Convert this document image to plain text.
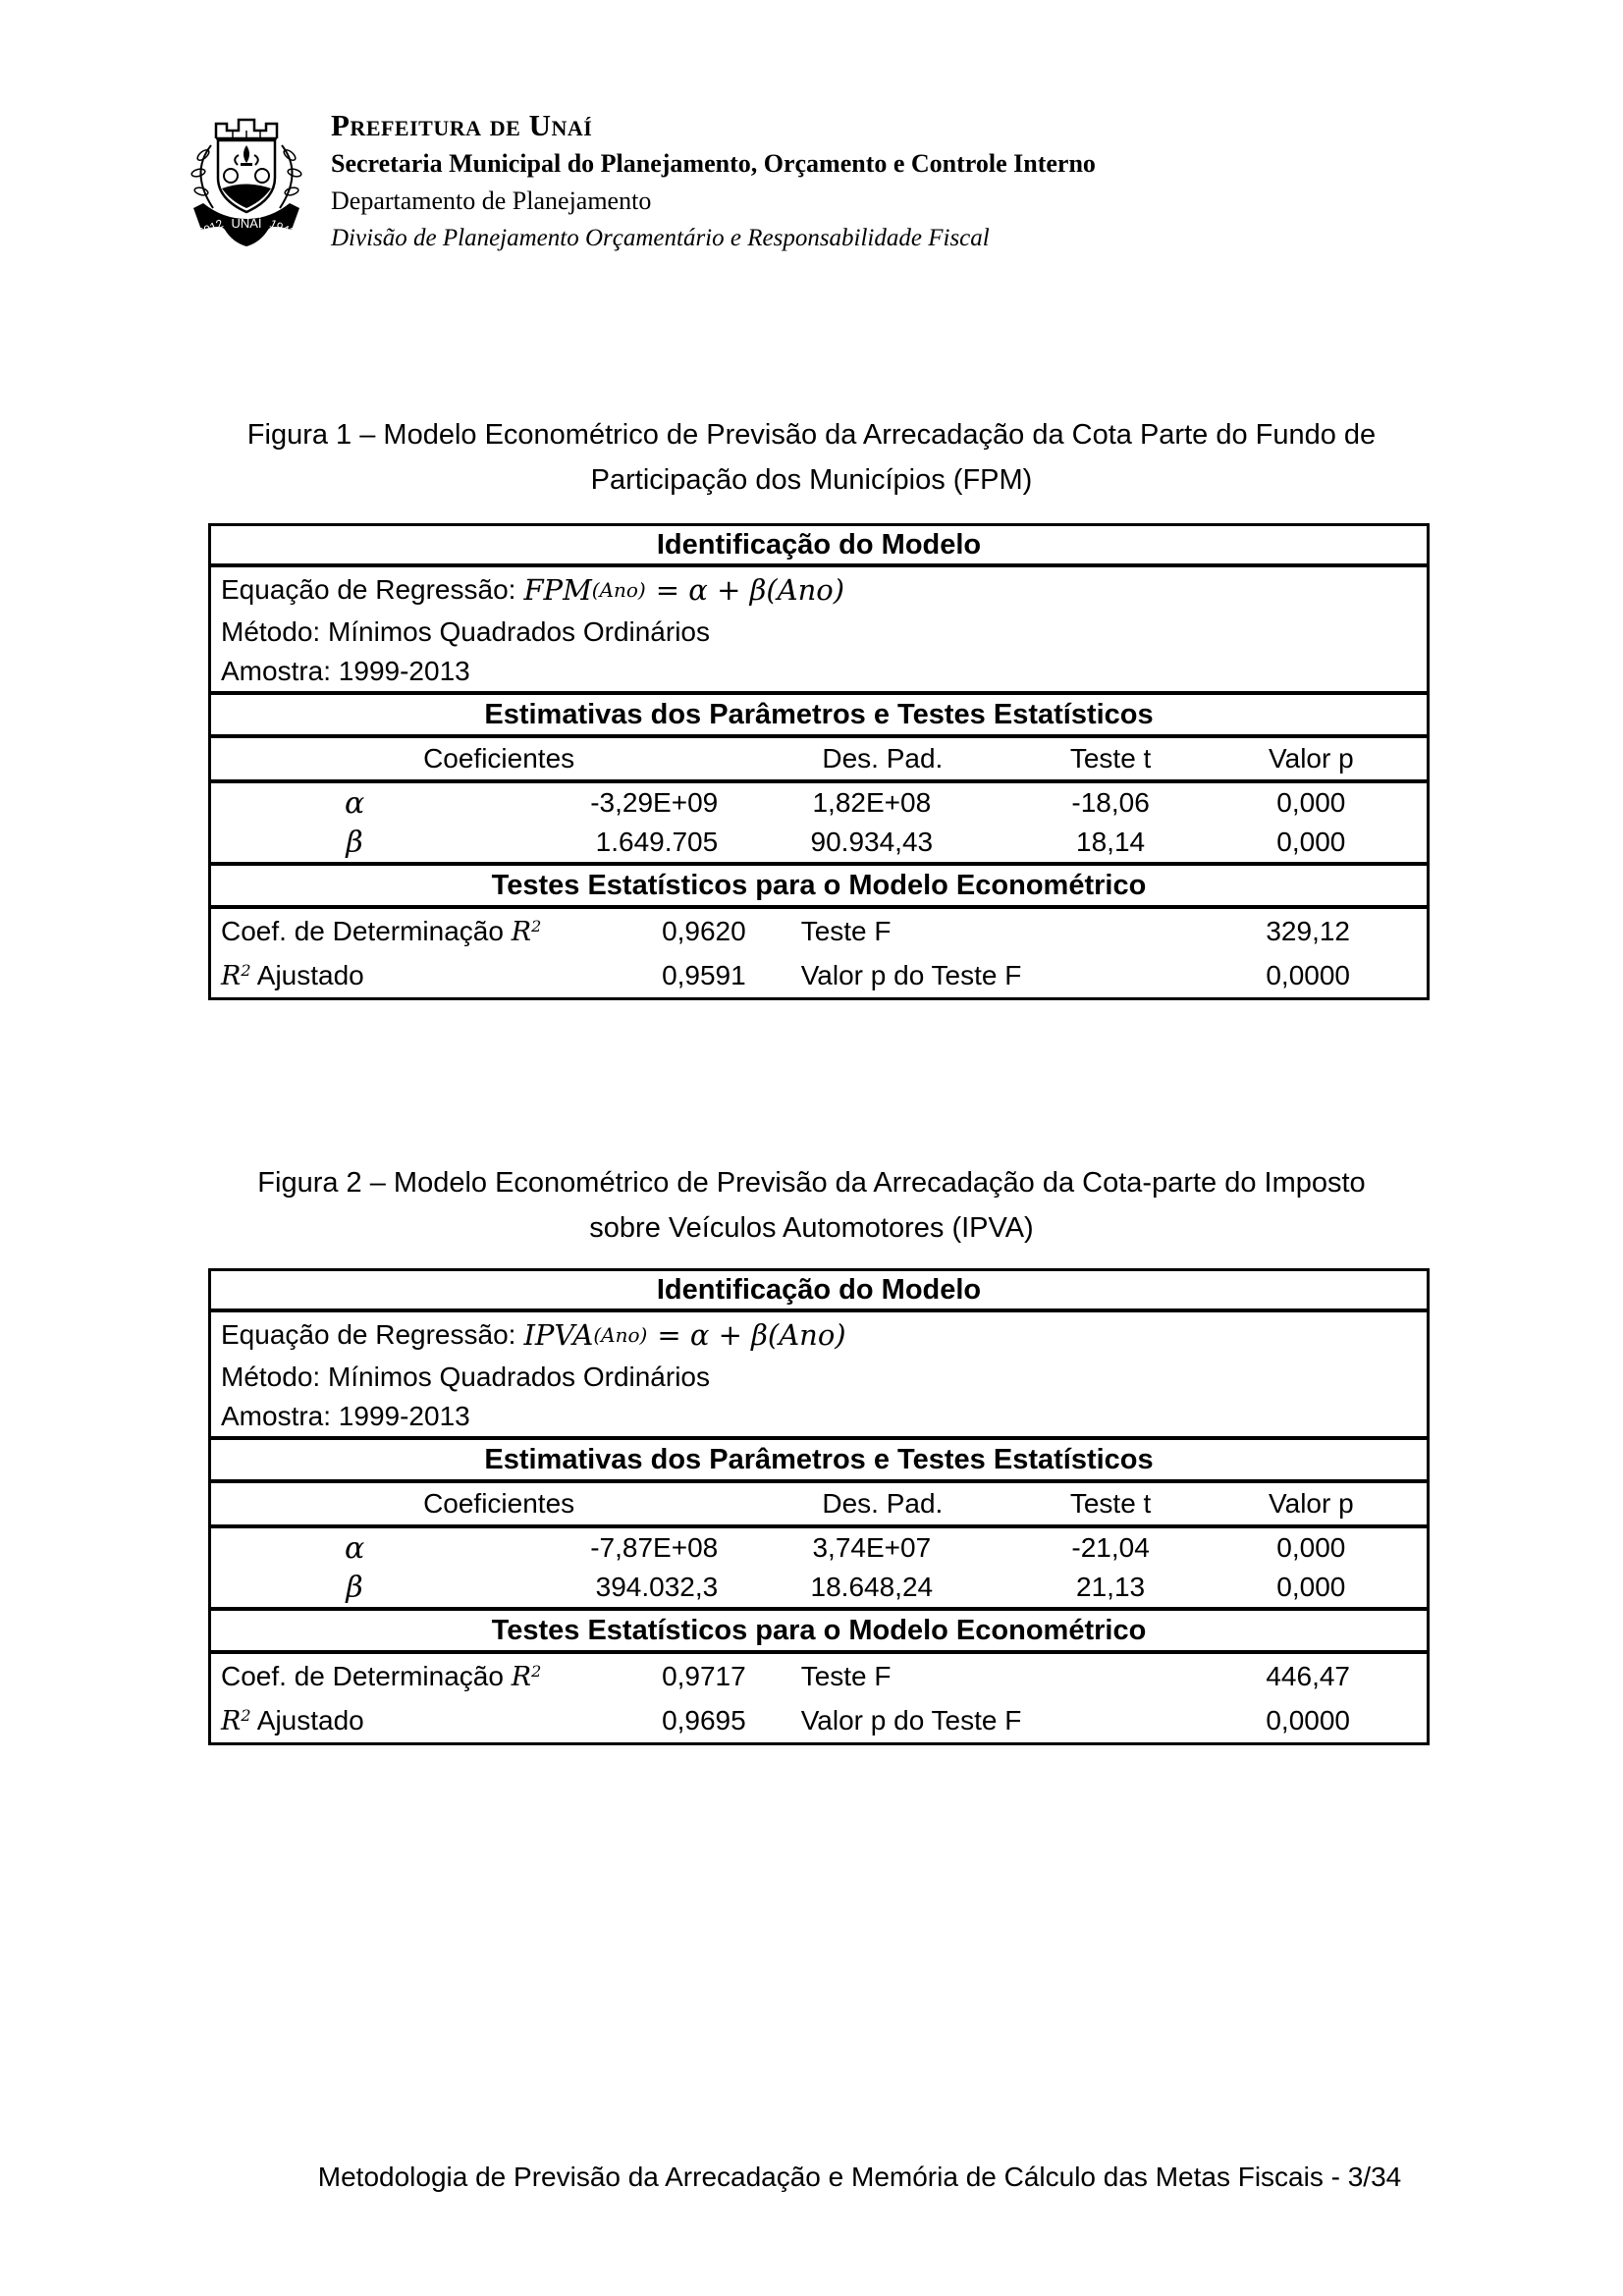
3012 UNAÍ 1943
Prefeitura de Unaí
Secretaria Municipal do Planejamento, Orçamento e Controle Interno
Departamento de Planejamento
Divisão de Planejamento Orçamentário e Responsabilidade Fiscal
Figura 1 – Modelo Econométrico de Previsão da Arrecadação da Cota Parte do Fundo de
Participação dos Municípios (FPM)
Identificação do Modelo
Equação de Regressão: FPM (Ano) = α + β(Ano)
Método: Mínimos Quadrados Ordinários
Amostra: 1999-2013
Estimativas dos Parâmetros e Testes Estatísticos
Coeficientes	Des. Pad.	Teste t	Valor p
α	-3,29E+09	1,82E+08	-18,06	0,000
β	1.649.705	90.934,43	18,14	0,000
Testes Estatísticos para o Modelo Econométrico
Coef. de Determinação $R^2$	0,9620	Teste F	329,12
$R^2$ Ajustado	0,9591	Valor p do Teste F	0,0000
Figura 2 – Modelo Econométrico de Previsão da Arrecadação da Cota-parte do Imposto
sobre Veículos Automotores (IPVA)
Identificação do Modelo
Equação de Regressão: IPVA (Ano) = α + β(Ano)
Método: Mínimos Quadrados Ordinários
Amostra: 1999-2013
Estimativas dos Parâmetros e Testes Estatísticos
Coeficientes	Des. Pad.	Teste t	Valor p
α	-7,87E+08	3,74E+07	-21,04	0,000
β	394.032,3	18.648,24	21,13	0,000
Testes Estatísticos para o Modelo Econométrico
Coef. de Determinação $R^2$	0,9717	Teste F	446,47
$R^2$ Ajustado	0,9695	Valor p do Teste F	0,0000
Metodologia de Previsão da Arrecadação e Memória de Cálculo das Metas Fiscais - 3/34
